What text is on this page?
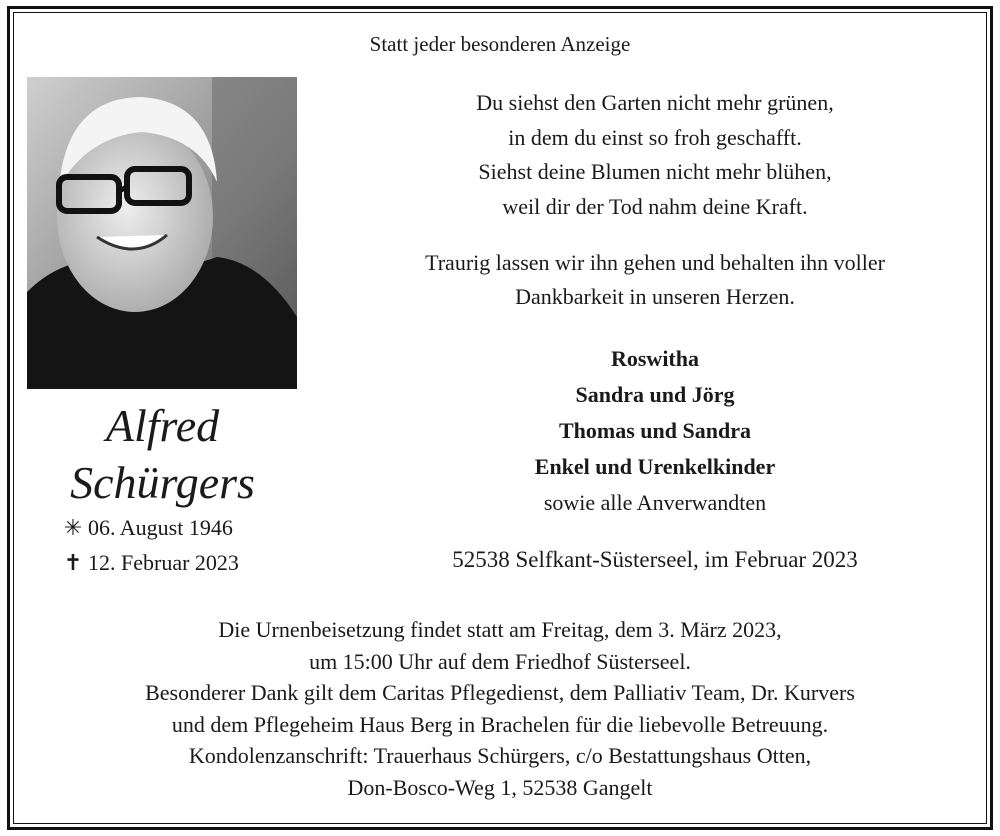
Statt jeder besonderen Anzeige
Alfred
Schürgers
✳ 06. August 1946
✝ 12. Februar 2023
Du siehst den Garten nicht mehr grünen,
in dem du einst so froh geschafft.
Siehst deine Blumen nicht mehr blühen,
weil dir der Tod nahm deine Kraft.
Traurig lassen wir ihn gehen und behalten ihn voller
Dankbarkeit in unseren Herzen.
Roswitha
Sandra und Jörg
Thomas und Sandra
Enkel und Urenkelkinder
sowie alle Anverwandten
52538 Selfkant-Süsterseel, im Februar 2023
Die Urnenbeisetzung findet statt am Freitag, dem 3. März 2023,
um 15:00 Uhr auf dem Friedhof Süsterseel.
Besonderer Dank gilt dem Caritas Pflegedienst, dem Palliativ Team, Dr. Kurvers
und dem Pflegeheim Haus Berg in Brachelen für die liebevolle Betreuung.
Kondolenzanschrift: Trauerhaus Schürgers, c/o Bestattungshaus Otten,
Don-Bosco-Weg 1, 52538 Gangelt
